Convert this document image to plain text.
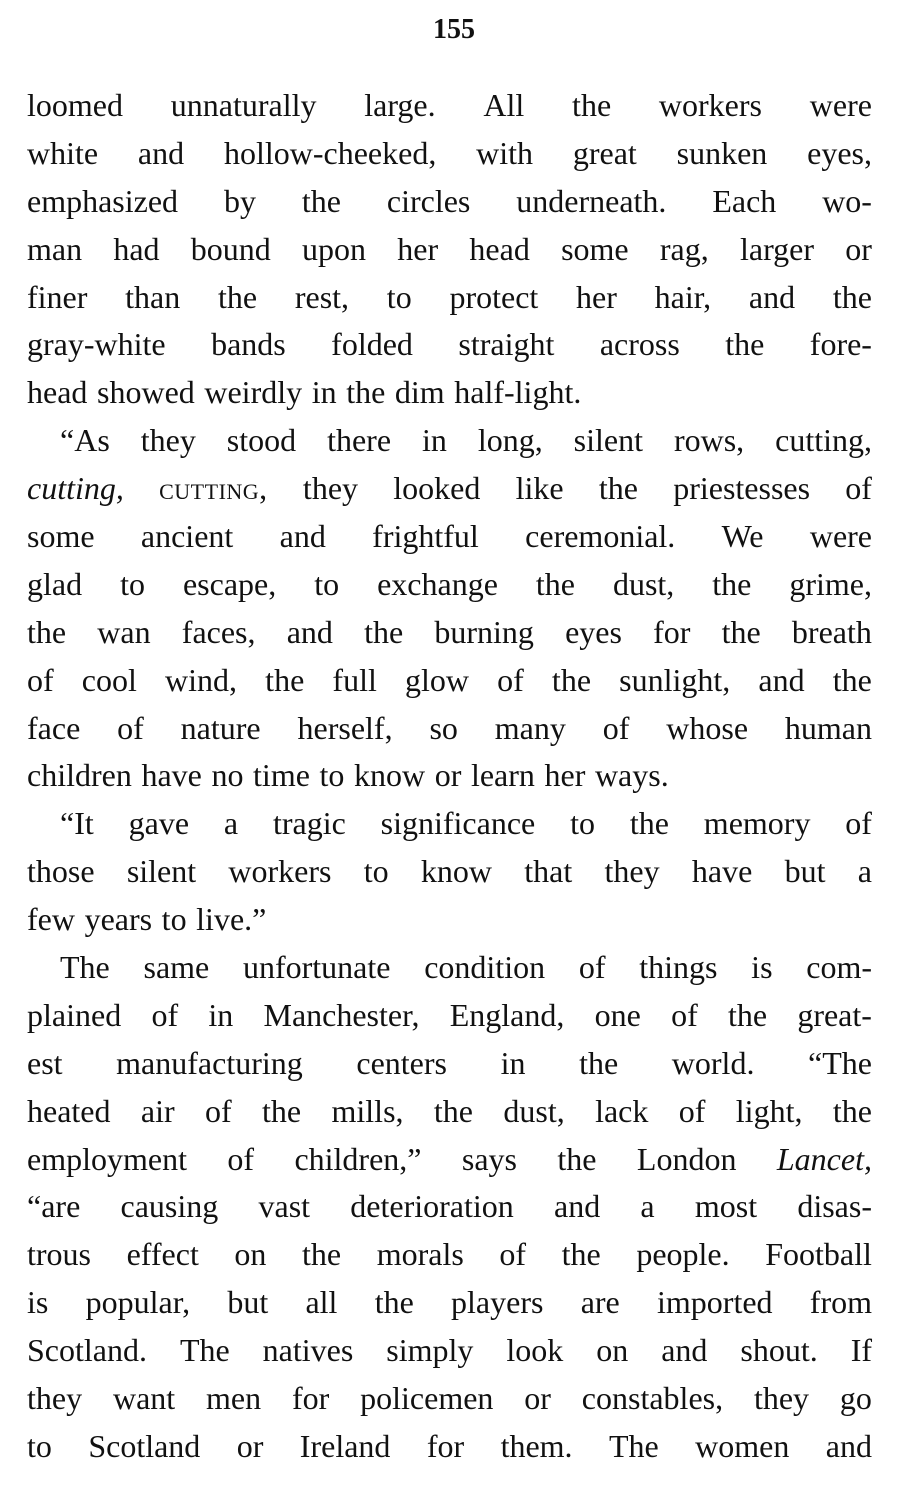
155
loomed unnaturally large. All the workers were
white and hollow-cheeked, with great sunken eyes,
emphasized by the circles underneath. Each wo-
man had bound upon her head some rag, larger or
finer than the rest, to protect her hair, and the
gray-white bands folded straight across the fore-
head showed weirdly in the dim half-light.
“As they stood there in long, silent rows, cutting,
cutting, cutting, they looked like the priestesses of
some ancient and frightful ceremonial. We were
glad to escape, to exchange the dust, the grime,
the wan faces, and the burning eyes for the breath
of cool wind, the full glow of the sunlight, and the
face of nature herself, so many of whose human
children have no time to know or learn her ways.
“It gave a tragic significance to the memory of
those silent workers to know that they have but a
few years to live.”
The same unfortunate condition of things is com-
plained of in Manchester, England, one of the great-
est manufacturing centers in the world. “The
heated air of the mills, the dust, lack of light, the
employment of children,” says the London Lancet,
“are causing vast deterioration and a most disas-
trous effect on the morals of the people. Football
is popular, but all the players are imported from
Scotland. The natives simply look on and shout. If
they want men for policemen or constables, they go
to Scotland or Ireland for them. The women and
